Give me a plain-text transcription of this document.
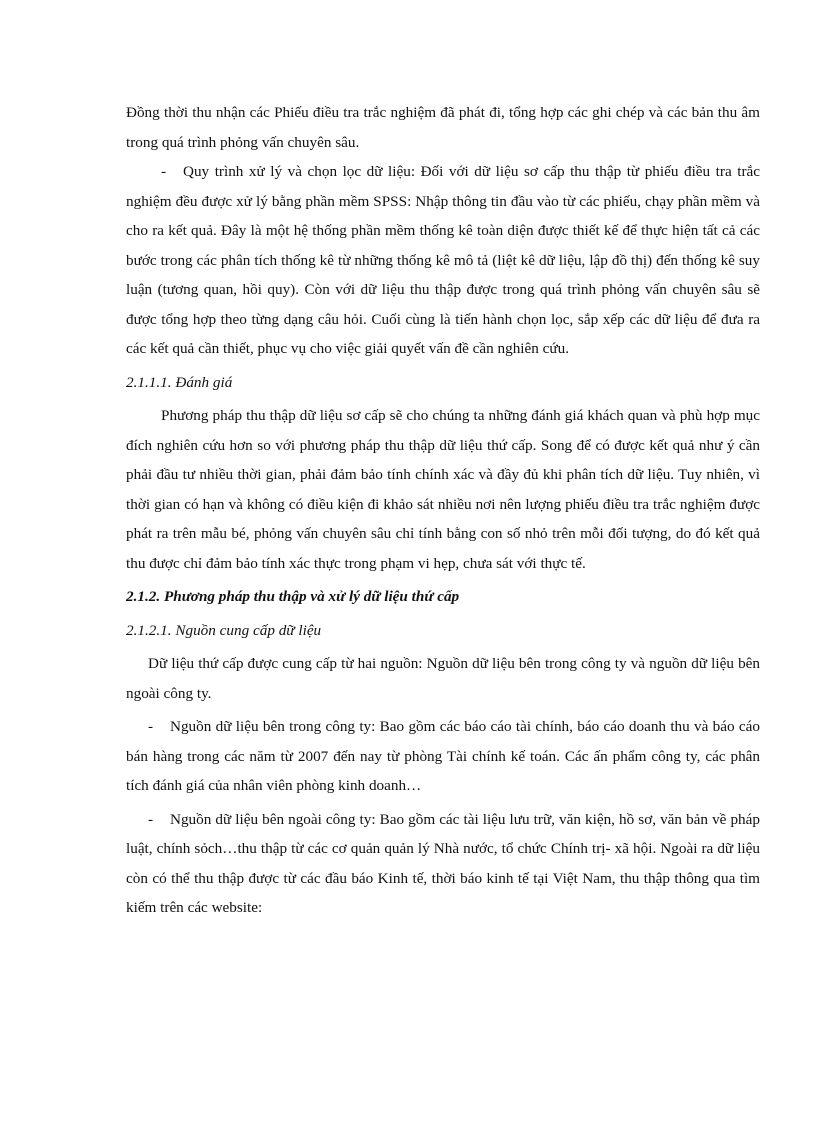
Đồng thời thu nhận các Phiếu điều tra trắc nghiệm đã phát đi, tổng hợp các ghi chép và các bản thu âm trong quá trình phỏng vấn chuyên sâu.

- Quy trình xử lý và chọn lọc dữ liệu: Đối với dữ liệu sơ cấp thu thập từ phiếu điều tra trắc nghiệm đều được xử lý bằng phần mềm SPSS: Nhập thông tin đầu vào từ các phiếu, chạy phần mềm và cho ra kết quả. Đây là một hệ thống phần mềm thống kê toàn diện được thiết kế để thực hiện tất cả các bước trong các phân tích thống kê từ những thống kê mô tả (liệt kê dữ liệu, lập đồ thị) đến thống kê suy luận (tương quan, hồi quy). Còn với dữ liệu thu thập được trong quá trình phỏng vấn chuyên sâu sẽ được tổng hợp theo từng dạng câu hỏi. Cuối cùng là tiến hành chọn lọc, sắp xếp các dữ liệu để đưa ra các kết quả cần thiết, phục vụ cho việc giải quyết vấn đề cần nghiên cứu.

2.1.1.1. Đánh giá

Phương pháp thu thập dữ liệu sơ cấp sẽ cho chúng ta những đánh giá khách quan và phù hợp mục đích nghiên cứu hơn so với phương pháp thu thập dữ liệu thứ cấp. Song để có được kết quả như ý cần phải đầu tư nhiều thời gian, phải đảm bảo tính chính xác và đầy đủ khi phân tích dữ liệu. Tuy nhiên, vì thời gian có hạn và không có điều kiện đi khảo sát nhiều nơi nên lượng phiếu điều tra trắc nghiệm được phát ra trên mẫu bé, phỏng vấn chuyên sâu chỉ tính bằng con số nhỏ trên mỗi đối tượng, do đó kết quả thu được chỉ đảm bảo tính xác thực trong phạm vi hẹp, chưa sát với thực tế.

2.1.2. Phương pháp thu thập và xử lý dữ liệu thứ cấp

2.1.2.1. Nguồn cung cấp dữ liệu

Dữ liệu thứ cấp được cung cấp từ hai nguồn: Nguồn dữ liệu bên trong công ty và nguồn dữ liệu bên ngoài công ty.

- Nguồn dữ liệu bên trong công ty: Bao gồm các báo cáo tài chính, báo cáo doanh thu và báo cáo bán hàng trong các năm từ 2007 đến nay từ phòng Tài chính kế toán. Các ấn phẩm công ty, các phân tích đánh giá của nhân viên phòng kinh doanh…

- Nguồn dữ liệu bên ngoài công ty: Bao gồm các tài liệu lưu trữ, văn kiện, hồ sơ, văn bản về pháp luật, chính sỏch…thu thập từ các cơ quản quản lý Nhà nước, tổ chức Chính trị- xã hội. Ngoài ra dữ liệu còn có thể thu thập được từ các đầu báo Kinh tế, thời báo kinh tế tại Việt Nam, thu thập thông qua tìm kiếm trên các website:
